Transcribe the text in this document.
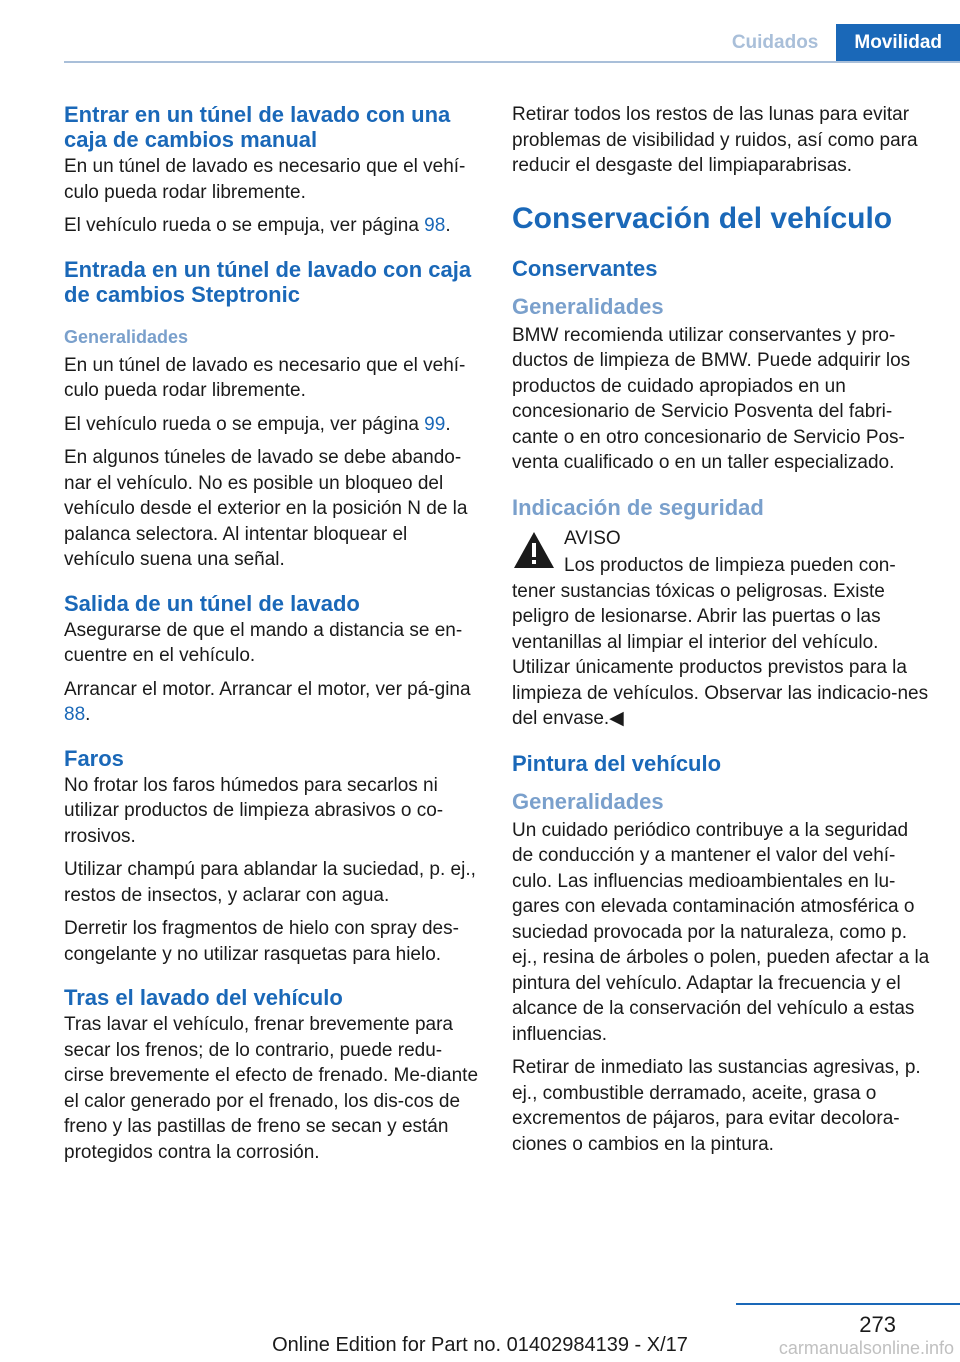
Cuidados	Movilidad
Entrar en un túnel de lavado con una caja de cambios manual

En un túnel de lavado es necesario que el vehí‐culo pueda rodar libremente.

El vehículo rueda o se empuja, ver página 98.

Entrada en un túnel de lavado con caja de cambios Steptronic
Generalidades

En un túnel de lavado es necesario que el vehí‐culo pueda rodar libremente.

El vehículo rueda o se empuja, ver página 99.

En algunos túneles de lavado se debe abando‐nar el vehículo. No es posible un bloqueo del vehículo desde el exterior en la posición N de la palanca selectora. Al intentar bloquear el vehículo suena una señal.

Salida de un túnel de lavado

Asegurarse de que el mando a distancia se en‐cuentre en el vehículo.

Arrancar el motor. Arrancar el motor, ver pá‐gina 88.

Faros

No frotar los faros húmedos para secarlos ni utilizar productos de limpieza abrasivos o co‐rrosivos.

Utilizar champú para ablandar la suciedad, p. ej., restos de insectos, y aclarar con agua.

Derretir los fragmentos de hielo con spray des‐congelante y no utilizar rasquetas para hielo.

Tras el lavado del vehículo

Tras lavar el vehículo, frenar brevemente para secar los frenos; de lo contrario, puede redu‐cirse brevemente el efecto de frenado. Me‐diante el calor generado por el frenado, los dis‐cos de freno y las pastillas de freno se secan y están protegidos contra la corrosión.

Retirar todos los restos de las lunas para evitar problemas de visibilidad y ruidos, así como para reducir el desgaste del limpiaparabrisas.

Conservación del vehículo
Conservantes
Generalidades

BMW recomienda utilizar conservantes y pro‐ductos de limpieza de BMW. Puede adquirir los productos de cuidado apropiados en un concesionario de Servicio Posventa del fabri‐cante o en otro concesionario de Servicio Pos‐venta cualificado o en un taller especializado.

Indicación de seguridad

AVISO

Los productos de limpieza pueden con‐
tener sustancias tóxicas o peligrosas. Existe peligro de lesionarse. Abrir las puertas o las ventanillas al limpiar el interior del vehículo. Utilizar únicamente productos previstos para la limpieza de vehículos. Observar las indicacio‐nes del envase.◀

Pintura del vehículo
Generalidades

Un cuidado periódico contribuye a la seguridad de conducción y a mantener el valor del vehí‐culo. Las influencias medioambientales en lu‐gares con elevada contaminación atmosférica o suciedad provocada por la naturaleza, como p. ej., resina de árboles o polen, pueden afectar a la pintura del vehículo. Adaptar la frecuencia y el alcance de la conservación del vehículo a estas influencias.

Retirar de inmediato las sustancias agresivas, p. ej., combustible derramado, aceite, grasa o excrementos de pájaros, para evitar decolora‐ciones o cambios en la pintura.

273
Online Edition for Part no. 01402984139 - X/17	carmanualsonline.info
